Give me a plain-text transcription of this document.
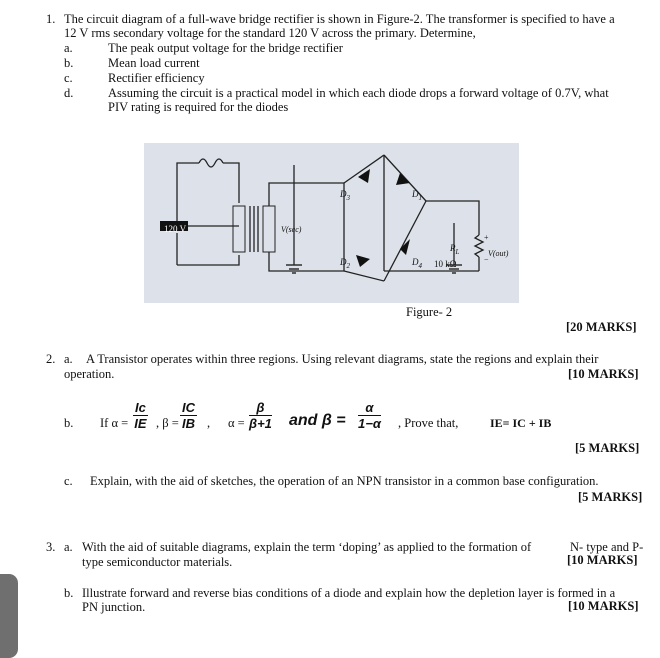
1. The circuit diagram of a full-wave bridge rectifier is shown in Figure-2. The transformer is specified to have a
12 V rms secondary voltage for the standard 120 V across the primary. Determine,
a.	The peak output voltage for the bridge rectifier
b.	Mean load current
c.	Rectifier efficiency
d.	Assuming the circuit is a practical model in which each diode drops a forward voltage of 0.7V, what
PIV rating is required for the diodes
120 V	V(sec)
$D_3$	$D_1$
$D_2$	$D_4$
$R_L$
10 kΩ
+
−
V(out)
Figure- 2
[20 MARKS]
2. a. A Transistor operates within three regions. Using relevant diagrams, state the regions and explain their
operation.	[10 MARKS]
b. If $\alpha = \frac{Ic}{IE}$ , $\beta = \frac{IC}{IB}$ , $\alpha = \frac{\beta}{\beta+1}$ and $\beta = \frac{\alpha}{1-\alpha}$ , Prove that,	IE= IC + IB
[5 MARKS]
c. Explain, with the aid of sketches, the operation of an NPN transistor in a common base configuration.
[5 MARKS]
3. a. With the aid of suitable diagrams, explain the term ‘doping’ as applied to the formation of	N- type and P-
type semiconductor materials.	[10 MARKS]
b. Illustrate forward and reverse bias conditions of a diode and explain how the depletion layer is formed in a
PN junction.	[10 MARKS]
